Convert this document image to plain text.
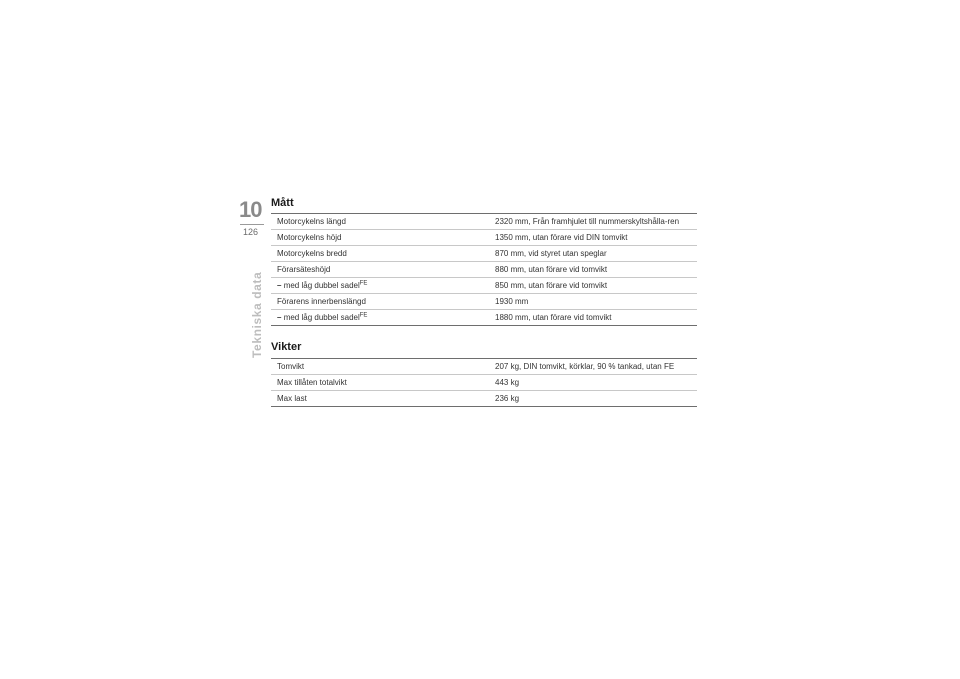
10
126
Tekniska data
Mått
Motorcykelns längd	2320 mm, Från framhjulet till nummerskyltshålla-ren
Motorcykelns höjd	1350 mm, utan förare vid DIN tomvikt
Motorcykelns bredd	870 mm, vid styret utan speglar
Förarsäteshöjd	880 mm, utan förare vid tomvikt
– med låg dubbel sadel$^{FE}$	850 mm, utan förare vid tomvikt
Förarens innerbenslängd	1930 mm
– med låg dubbel sadel$^{FE}$	1880 mm, utan förare vid tomvikt
Vikter
Tomvikt	207 kg, DIN tomvikt, körklar, 90 % tankad, utan FE
Max tillåten totalvikt	443 kg
Max last	236 kg
